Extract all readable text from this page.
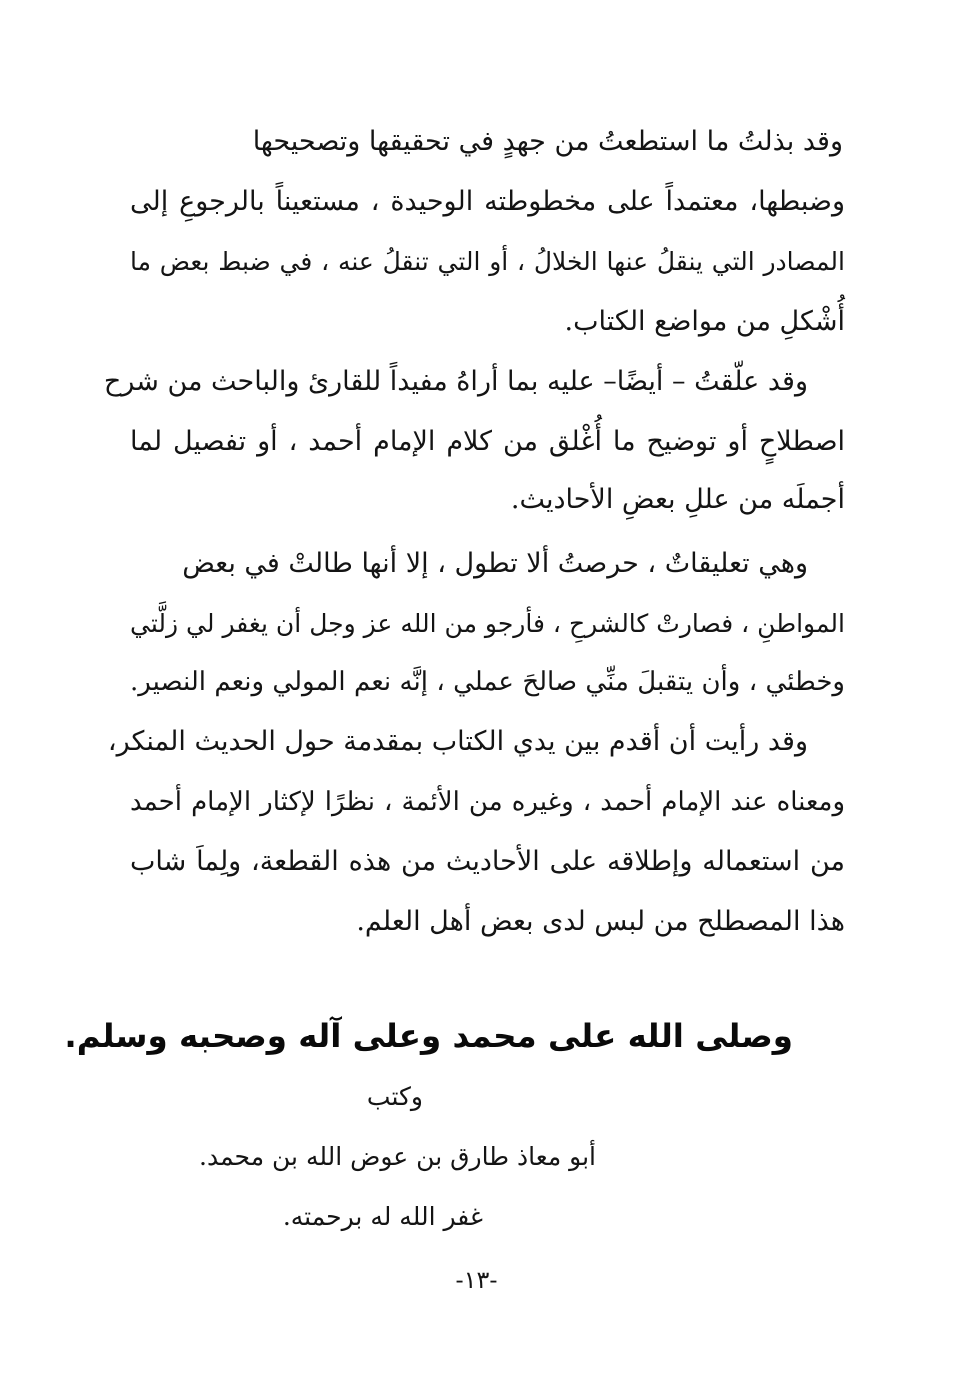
وقد بذلتُ ما استطعتُ من جهدٍ في تحقيقها وتصحيحها

وضبطها، معتمداً على مخطوطته الوحيدة ، مستعيناً بالرجوعِ إلى

المصادر التي ينقلُ عنها الخلالُ ، أو التي تنقلُ عنه ، في ضبط بعض ما

أُشْكلِ من مواضع الكتاب.

وقد علّقتُ – أيضًا– عليه بما أراهُ مفيداً للقارئ والباحث من شرح

اصطلاحٍ أو توضيح ما أُغْلق من كلام الإمام أحمد ، أو تفصيل لما

أجملَه من عللِ بعضِ الأحاديث.

وهي تعليقاتٌ ، حرصتُ ألا تطول ، إلا أنها طالتْ في بعض

المواطنِ ، فصارتْ كالشرحِ ، فأرجو من الله عز وجل أن يغفر لي زلَّتي

وخطئي ، وأن يتقبلَ منِّي صالحَ عملي ، إنَّه نعم المولي ونعم النصير.

وقد رأيت أن أقدم بين يدي الكتاب بمقدمة حول الحديث المنكر،

ومعناه عند الإمام أحمد ، وغيره من الأئمة ، نظرًا لإكثار الإمام أحمد

من استعماله وإطلاقه على الأحاديث من هذه القطعة، ولِماَ شاب

هذا المصطلح من لبس لدى بعض أهل العلم.

وصلى الله على محمد وعلى آله وصحبه وسلم.
وكتب
أبو معاذ طارق بن عوض الله بن محمد.
غفر الله له برحمته.
-١٣-
